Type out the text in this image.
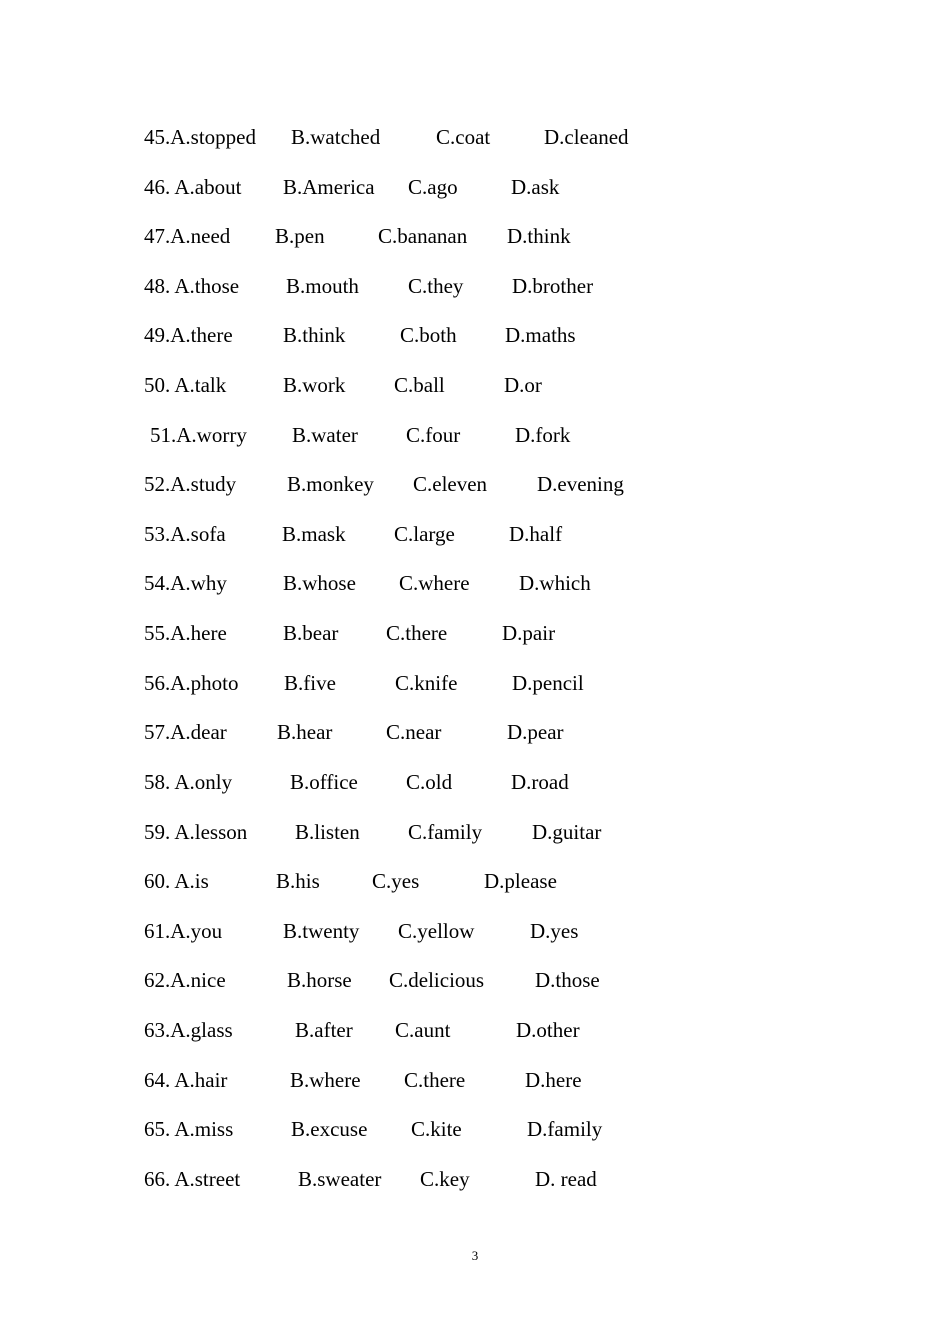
45.A.stopped B.watched	C.coat	D.cleaned
46. A.about B.America C.ago	D.ask
47.A.need B.pen	C.bananan D.think
48. A.those B.mouth C.they D.brother
49.A.there B.think	C.both D.maths
50. A.talk	B.work C.ball	D.or
51.A.worry B.water C.four	D.fork
52.A.study B.monkey C.eleven D.evening
53.A.sofa	B.mask C.large	D.half
54.A.why	B.whose C.where D.which
55.A.here	B.bear C.there	D.pair
56.A.photo B.five	C.knife	D.pencil
57.A.dear B.hear	C.near	D.pear
58. A.only	B.office C.old	D.road
59. A.lesson B.listen C.family D.guitar
60. A.is	B.his C.yes	D.please
61.A.you	B.twenty C.yellow	D.yes
62.A.nice	B.horse C.delicious D.those
63.A.glass	B.after C.aunt	D.other
64. A.hair	B.where C.there	D.here
65. A.miss	B.excuse C.kite	D.family
66. A.street	B.sweater C.key	D. read
3
